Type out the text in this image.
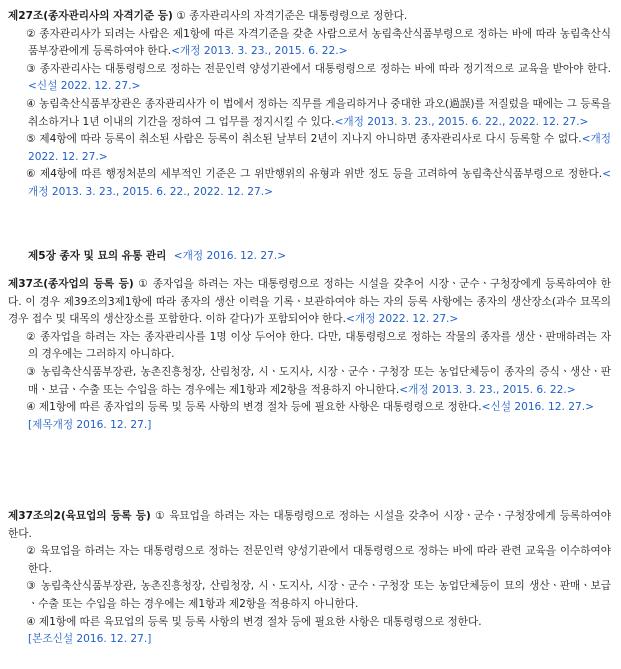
제27조(종자관리사의 자격기준 등) ① 종자관리사의 자격기준은 대통령령으로 정한다.

② 종자관리사가 되려는 사람은 제1항에 따른 자격기준을 갖춘 사람으로서 농림축산식품부령으로 정하는 바에 따라 농림축산식품부장관에게 등록하여야 한다.<개정 2013. 3. 23., 2015. 6. 22.>

③ 종자관리사는 대통령령으로 정하는 전문인력 양성기관에서 대통령령으로 정하는 바에 따라 정기적으로 교육을 받아야 한다.<신설 2022. 12. 27.>

④ 농림축산식품부장관은 종자관리사가 이 법에서 정하는 직무를 게을리하거나 중대한 과오(過誤)를 저질렀을 때에는 그 등록을 취소하거나 1년 이내의 기간을 정하여 그 업무를 정지시킬 수 있다.<개정 2013. 3. 23., 2015. 6. 22., 2022. 12. 27.>

⑤ 제4항에 따라 등록이 취소된 사람은 등록이 취소된 날부터 2년이 지나지 아니하면 종자관리사로 다시 등록할 수 없다.<개정 2022. 12. 27.>

⑥ 제4항에 따른 행정처분의 세부적인 기준은 그 위반행위의 유형과 위반 정도 등을 고려하여 농림축산식품부령으로 정한다.<개정 2013. 3. 23., 2015. 6. 22., 2022. 12. 27.>

제5장 종자 및 묘의 유통 관리 <개정 2016. 12. 27.>

제37조(종자업의 등록 등) ① 종자업을 하려는 자는 대통령령으로 정하는 시설을 갖추어 시장ㆍ군수ㆍ구청장에게 등록하여야 한다. 이 경우 제39조의3제1항에 따라 종자의 생산 이력을 기록ㆍ보관하여야 하는 자의 등록 사항에는 종자의 생산장소(과수 묘목의 경우 접수 및 대목의 생산장소를 포함한다. 이하 같다)가 포함되어야 한다.<개정 2022. 12. 27.>

② 종자업을 하려는 자는 종자관리사를 1명 이상 두어야 한다. 다만, 대통령령으로 정하는 작물의 종자를 생산ㆍ판매하려는 자의 경우에는 그러하지 아니하다.

③ 농림축산식품부장관, 농촌진흥청장, 산림청장, 시ㆍ도지사, 시장ㆍ군수ㆍ구청장 또는 농업단체등이 종자의 증식ㆍ생산ㆍ판매ㆍ보급ㆍ수출 또는 수입을 하는 경우에는 제1항과 제2항을 적용하지 아니한다.<개정 2013. 3. 23., 2015. 6. 22.>

④ 제1항에 따른 종자업의 등록 및 등록 사항의 변경 절차 등에 필요한 사항은 대통령령으로 정한다.<신설 2016. 12. 27.>

[제목개정 2016. 12. 27.]

제37조의2(육묘업의 등록 등) ① 육묘업을 하려는 자는 대통령령으로 정하는 시설을 갖추어 시장ㆍ군수ㆍ구청장에게 등록하여야 한다.

② 육묘업을 하려는 자는 대통령령으로 정하는 전문인력 양성기관에서 대통령령으로 정하는 바에 따라 관련 교육을 이수하여야 한다.

③ 농림축산식품부장관, 농촌진흥청장, 산림청장, 시ㆍ도지사, 시장ㆍ군수ㆍ구청장 또는 농업단체등이 묘의 생산ㆍ판매ㆍ보급ㆍ수출 또는 수입을 하는 경우에는 제1항과 제2항을 적용하지 아니한다.

④ 제1항에 따른 육묘업의 등록 및 등록 사항의 변경 절차 등에 필요한 사항은 대통령령으로 정한다.

[본조신설 2016. 12. 27.]
